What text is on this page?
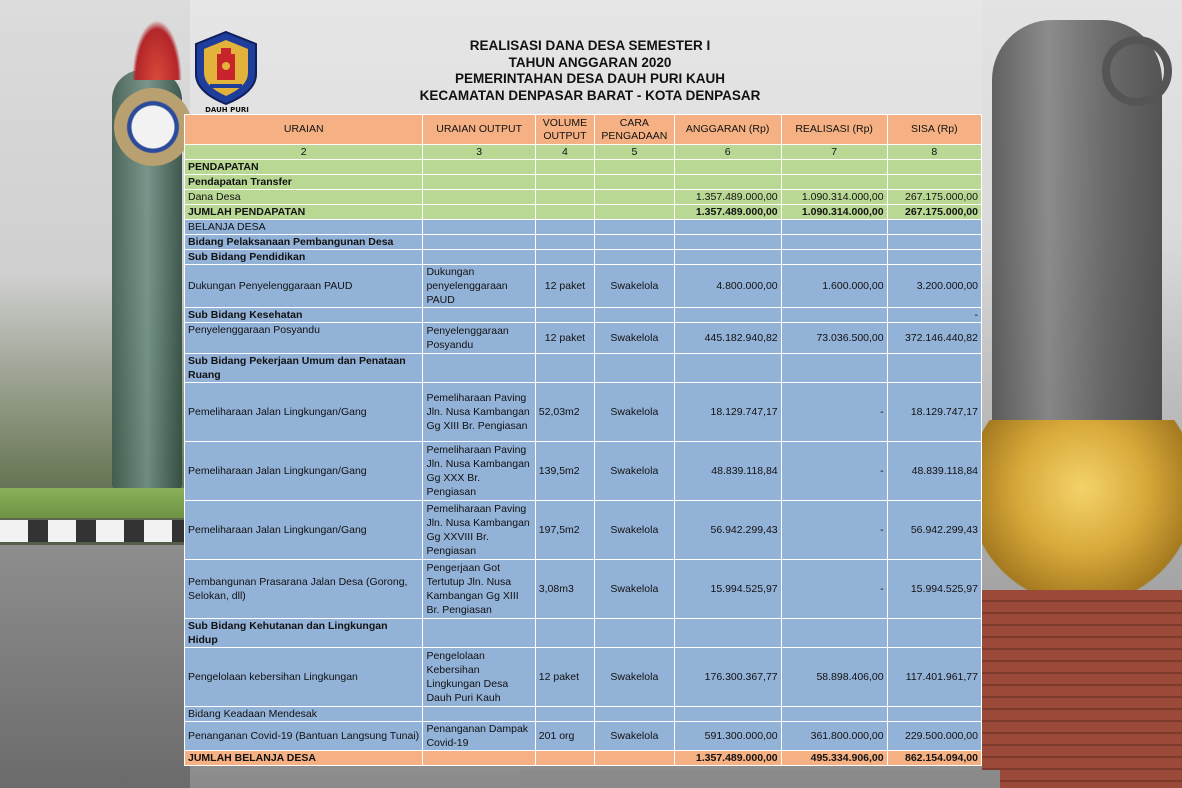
DAUH PURI
REALISASI DANA DESA SEMESTER I
TAHUN ANGGARAN 2020
PEMERINTAHAN DESA DAUH PURI KAUH
KECAMATAN DENPASAR BARAT - KOTA DENPASAR
URAIAN	URAIAN OUTPUT	VOLUME OUTPUT	CARA PENGADAAN	ANGGARAN (Rp)	REALISASI (Rp)	SISA (Rp)
2	3	4	5	6	7	8
PENDAPATAN						
Pendapatan Transfer						
Dana Desa				1.357.489.000,00	1.090.314.000,00	267.175.000,00
JUMLAH PENDAPATAN				1.357.489.000,00	1.090.314.000,00	267.175.000,00
BELANJA DESA						
Bidang Pelaksanaan Pembangunan Desa						
Sub Bidang Pendidikan						
Dukungan Penyelenggaraan PAUD	Dukungan penyelenggaraan PAUD	12 paket	Swakelola	4.800.000,00	1.600.000,00	3.200.000,00
Sub Bidang Kesehatan						-
Penyelenggaraan Posyandu	Penyelenggaraan Posyandu	12 paket	Swakelola	445.182.940,82	73.036.500,00	372.146.440,82
Sub Bidang Pekerjaan Umum dan Penataan Ruang						
Pemeliharaan Jalan Lingkungan/Gang	Pemeliharaan Paving Jln. Nusa Kambangan Gg XIII Br. Pengiasan	52,03m2	Swakelola	18.129.747,17	-	18.129.747,17
Pemeliharaan Jalan Lingkungan/Gang	Pemeliharaan Paving Jln. Nusa Kambangan Gg XXX Br. Pengiasan	139,5m2	Swakelola	48.839.118,84	-	48.839.118,84
Pemeliharaan Jalan Lingkungan/Gang	Pemeliharaan Paving Jln. Nusa Kambangan Gg XXVIII Br. Pengiasan	197,5m2	Swakelola	56.942.299,43	-	56.942.299,43
Pembangunan Prasarana Jalan Desa (Gorong, Selokan, dll)	Pengerjaan Got Tertutup Jln. Nusa Kambangan Gg XIII Br. Pengiasan	3,08m3	Swakelola	15.994.525,97	-	15.994.525,97
Sub Bidang Kehutanan dan Lingkungan Hidup						
Pengelolaan kebersihan Lingkungan	Pengelolaan Kebersihan Lingkungan Desa Dauh Puri Kauh	12 paket	Swakelola	176.300.367,77	58.898.406,00	117.401.961,77
Bidang Keadaan Mendesak						
Penanganan Covid-19 (Bantuan Langsung Tunai)	Penanganan Dampak Covid-19	201 org	Swakelola	591.300.000,00	361.800.000,00	229.500.000,00
JUMLAH BELANJA DESA				1.357.489.000,00	495.334.906,00	862.154.094,00
